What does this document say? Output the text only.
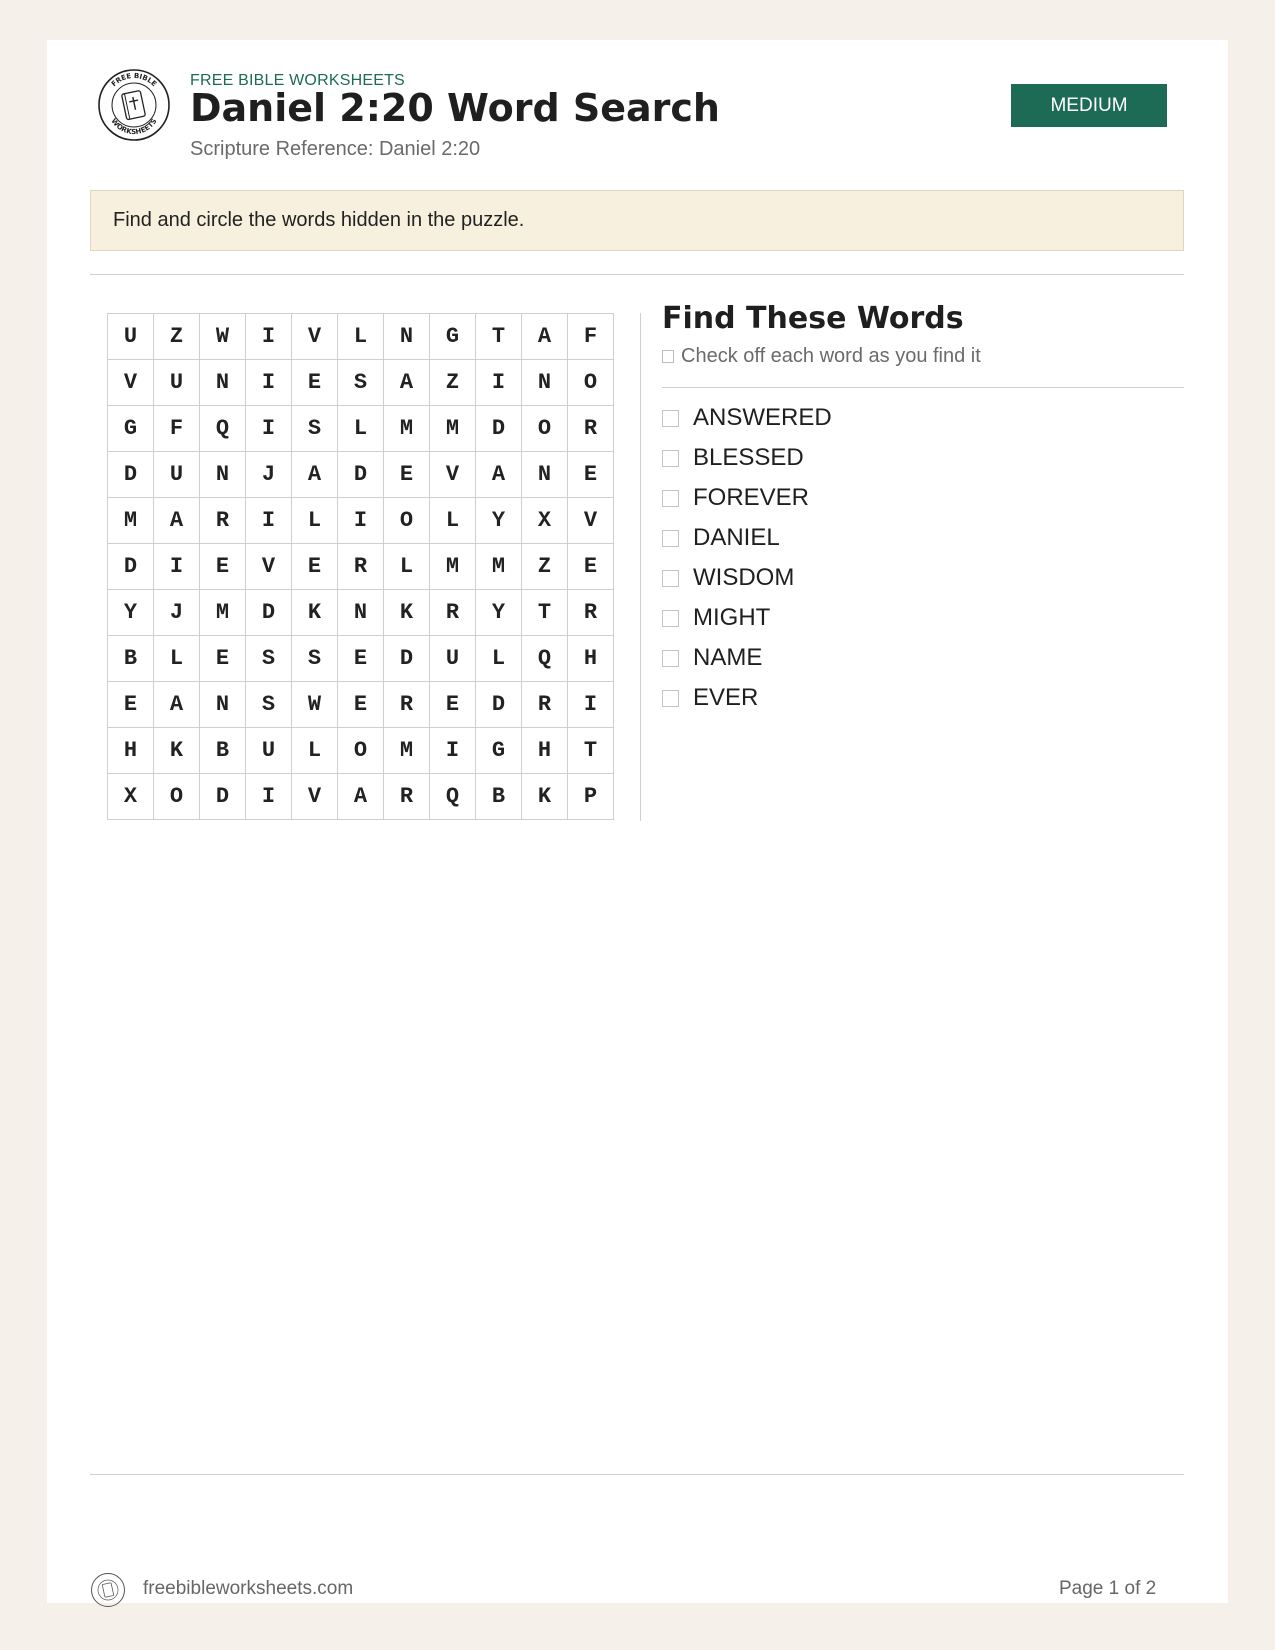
FREE BIBLE
WORKSHEETS
FREE BIBLE WORKSHEETS
Daniel 2:20 Word Search
Scripture Reference: Daniel 2:20
MEDIUM
Find and circle the words hidden in the puzzle.
U	Z	W	I	V	L	N	G	T	A	F
V	U	N	I	E	S	A	Z	I	N	O
G	F	Q	I	S	L	M	M	D	O	R
D	U	N	J	A	D	E	V	A	N	E
M	A	R	I	L	I	O	L	Y	X	V
D	I	E	V	E	R	L	M	M	Z	E
Y	J	M	D	K	N	K	R	Y	T	R
B	L	E	S	S	E	D	U	L	Q	H
E	A	N	S	W	E	R	E	D	R	I
H	K	B	U	L	O	M	I	G	H	T
X	O	D	I	V	A	R	Q	B	K	P
Find These Words
Check off each word as you find it
ANSWERED
BLESSED
FOREVER
DANIEL
WISDOM
MIGHT
NAME
EVER
freebibleworksheets.com	Page 1 of 2
